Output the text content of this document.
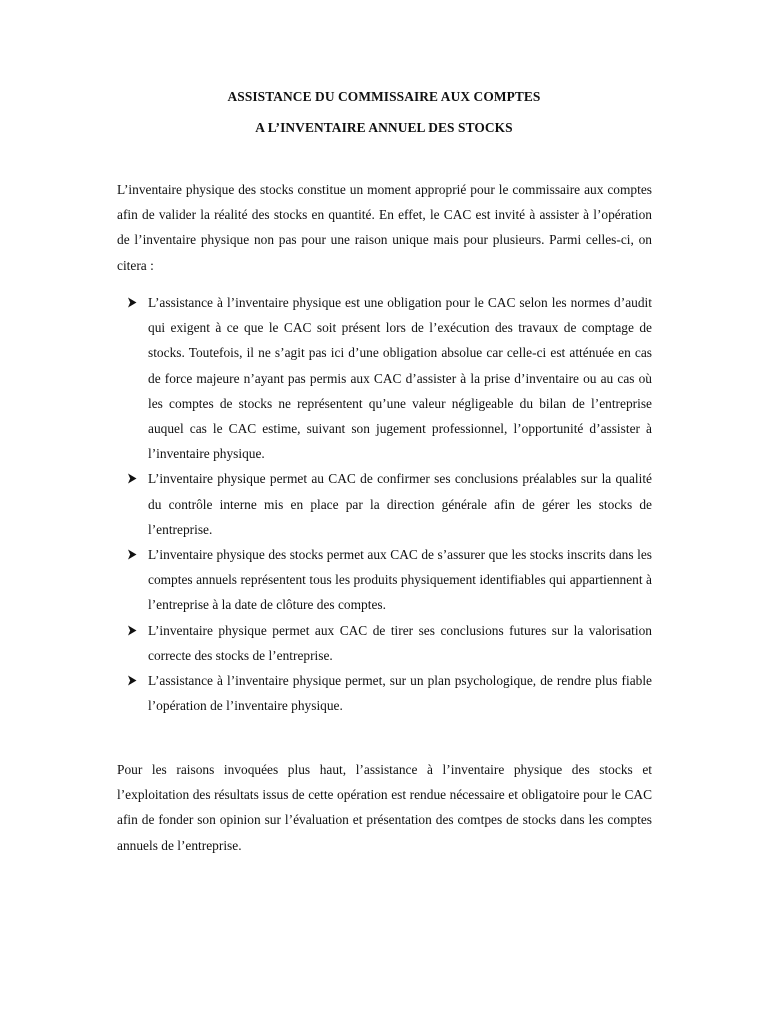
ASSISTANCE DU COMMISSAIRE AUX COMPTES
A L’INVENTAIRE ANNUEL DES STOCKS

L’inventaire physique des stocks constitue un moment approprié pour le commissaire aux comptes afin de valider la réalité des stocks en quantité. En effet, le CAC est invité à assister à l’opération de l’inventaire physique non pas pour une raison unique mais pour plusieurs. Parmi celles-ci, on citera :

L’assistance à l’inventaire physique est une obligation pour le CAC selon les normes d’audit qui exigent à ce que le CAC soit présent lors de l’exécution des travaux de comptage de stocks. Toutefois, il ne s’agit pas ici d’une obligation absolue car celle-ci est atténuée en cas de force majeure n’ayant pas permis aux CAC d’assister à la prise d’inventaire ou au cas où les comptes de stocks ne représentent qu’une valeur négligeable du bilan de l’entreprise auquel cas le CAC estime, suivant son jugement professionnel, l’opportunité d’assister à l’inventaire physique.
L’inventaire physique permet au CAC de confirmer ses conclusions préalables sur la qualité du contrôle interne mis en place par la direction générale afin de gérer les stocks de l’entreprise.
L’inventaire physique des stocks permet aux CAC de s’assurer que les stocks inscrits dans les comptes annuels représentent tous les produits physiquement identifiables qui appartiennent à l’entreprise à la date de clôture des comptes.
L’inventaire physique permet aux CAC de tirer ses conclusions futures sur la valorisation correcte des stocks de l’entreprise.
L’assistance à l’inventaire physique permet, sur un plan psychologique, de rendre plus fiable l’opération de l’inventaire physique.

Pour les raisons invoquées plus haut, l’assistance à l’inventaire physique des stocks et l’exploitation des résultats issus de cette opération est rendue nécessaire et obligatoire pour le CAC afin de fonder son opinion sur l’évaluation et présentation des comtpes de stocks dans les comptes annuels de l’entreprise.
